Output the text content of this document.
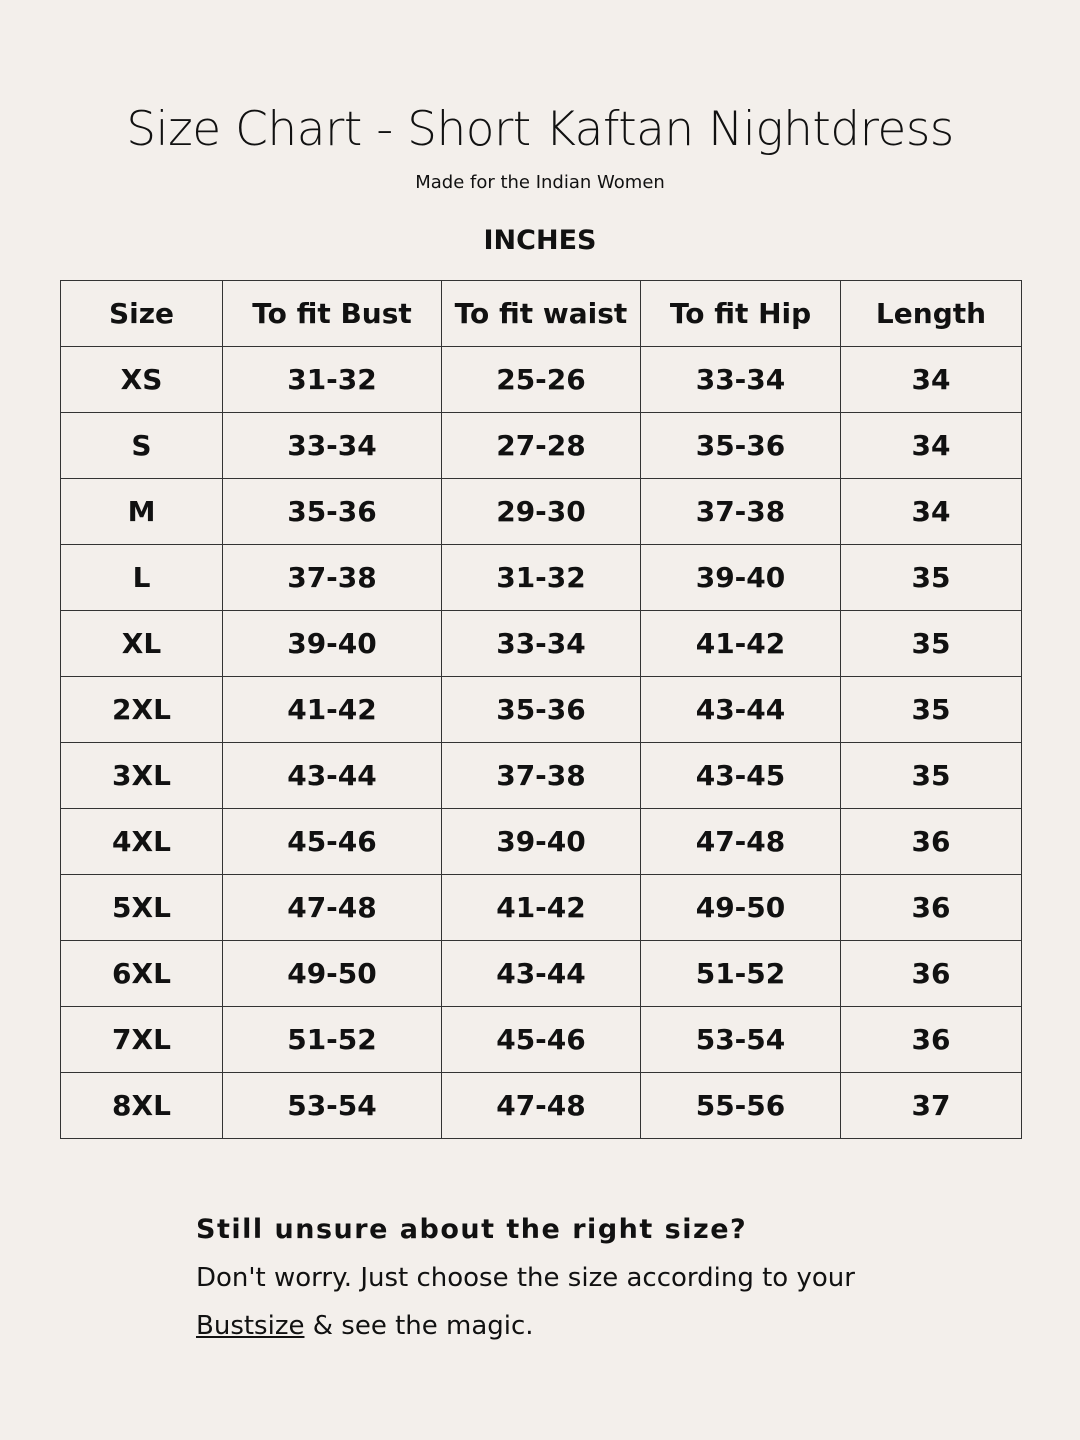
Size Chart - Short Kaftan Nightdress
Made for the Indian Women
INCHES
Size	To fit Bust	To fit waist	To fit Hip	Length
XS	31-32	25-26	33-34	34
S	33-34	27-28	35-36	34
M	35-36	29-30	37-38	34
L	37-38	31-32	39-40	35
XL	39-40	33-34	41-42	35
2XL	41-42	35-36	43-44	35
3XL	43-44	37-38	43-45	35
4XL	45-46	39-40	47-48	36
5XL	47-48	41-42	49-50	36
6XL	49-50	43-44	51-52	36
7XL	51-52	45-46	53-54	36
8XL	53-54	47-48	55-56	37

Still unsure about the right size?

Don't worry. Just choose the size according to your
Bustsize & see the magic.
